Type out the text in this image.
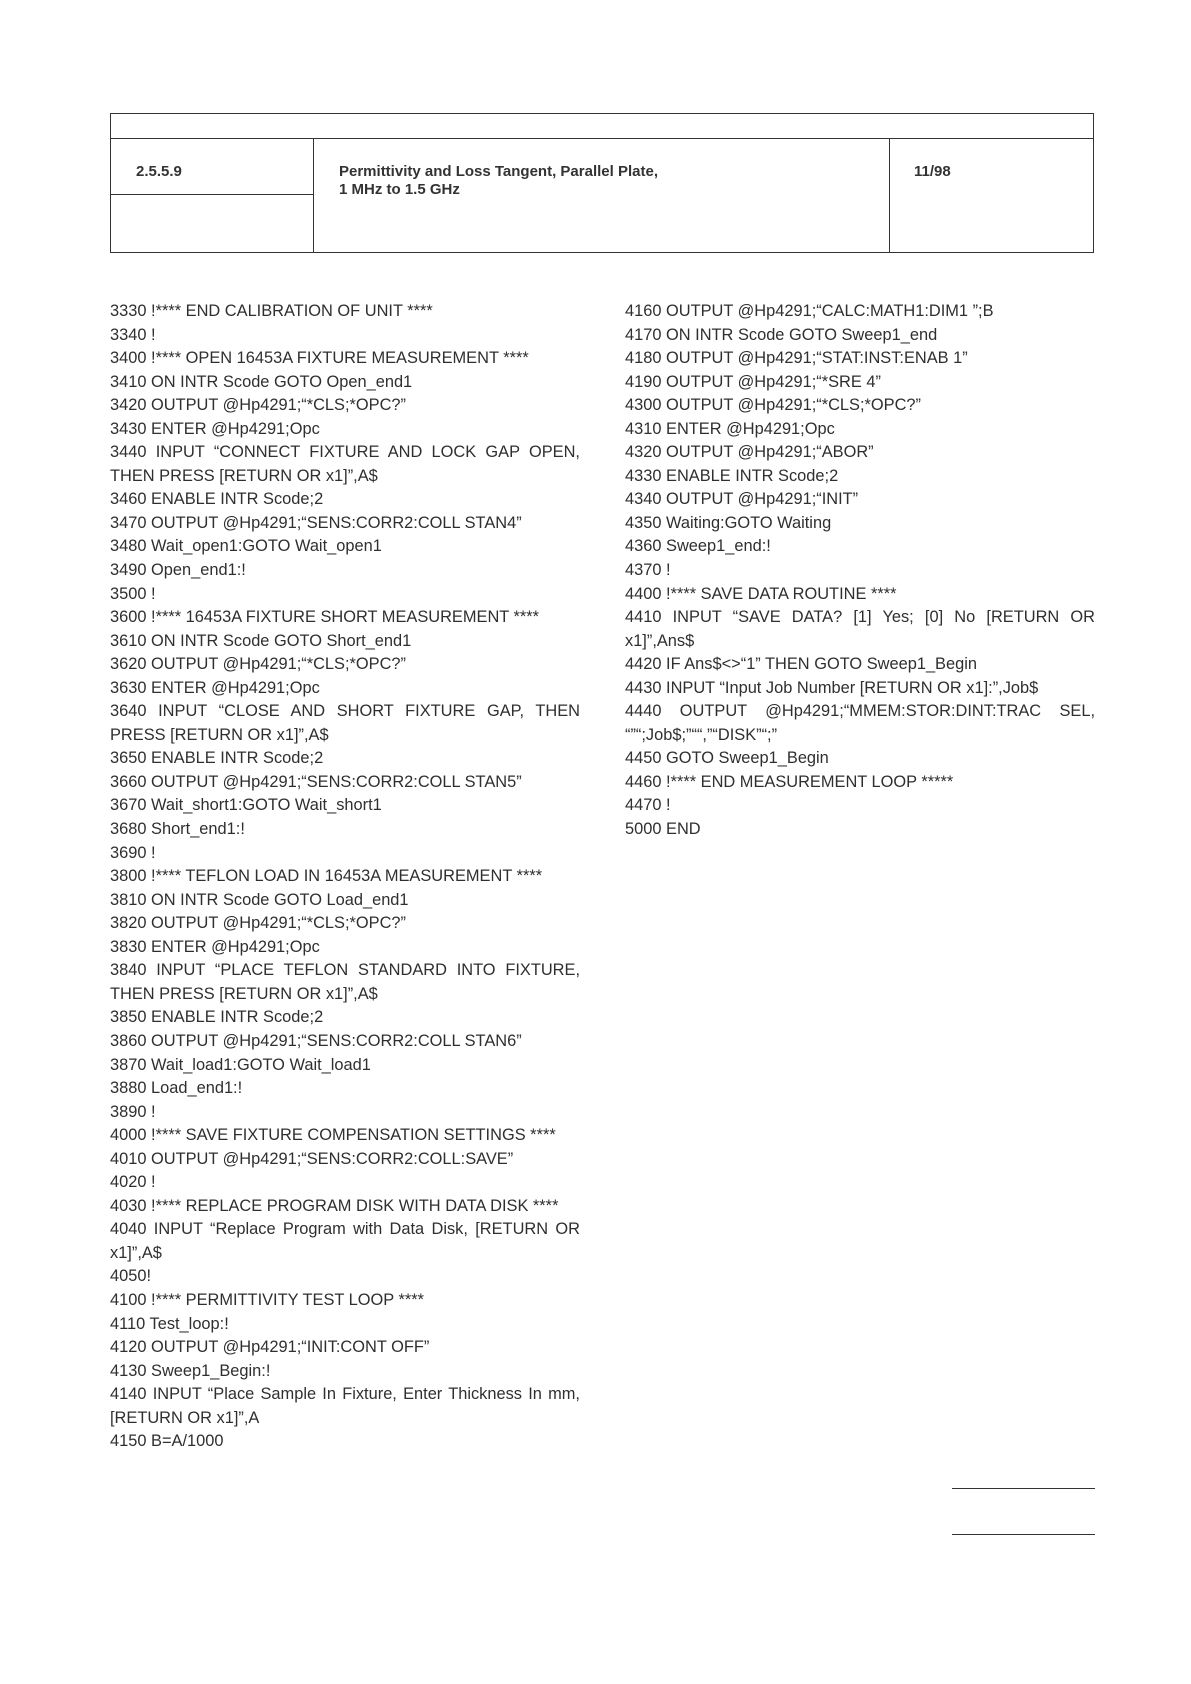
2.5.5.9	Permittivity and Loss Tangent, Parallel Plate,
1 MHz to 1.5 GHz
11/98
3330 !**** END CALIBRATION OF UNIT ****
3340 !
3400 !**** OPEN 16453A FIXTURE MEASUREMENT ****
3410 ON INTR Scode GOTO Open_end1
3420 OUTPUT @Hp4291;“*CLS;*OPC?”
3430 ENTER @Hp4291;Opc
3440 INPUT “CONNECT FIXTURE AND LOCK GAP OPEN, THEN PRESS [RETURN OR x1]”,A$
3460 ENABLE INTR Scode;2
3470 OUTPUT @Hp4291;“SENS:CORR2:COLL STAN4”
3480 Wait_open1:GOTO Wait_open1
3490 Open_end1:!
3500 !
3600 !**** 16453A FIXTURE SHORT MEASUREMENT ****
3610 ON INTR Scode GOTO Short_end1
3620 OUTPUT @Hp4291;“*CLS;*OPC?”
3630 ENTER @Hp4291;Opc
3640 INPUT “CLOSE AND SHORT FIXTURE GAP, THEN PRESS [RETURN OR x1]”,A$
3650 ENABLE INTR Scode;2
3660 OUTPUT @Hp4291;“SENS:CORR2:COLL STAN5”
3670 Wait_short1:GOTO Wait_short1
3680 Short_end1:!
3690 !
3800 !**** TEFLON LOAD IN 16453A MEASUREMENT ****
3810 ON INTR Scode GOTO Load_end1
3820 OUTPUT @Hp4291;“*CLS;*OPC?”
3830 ENTER @Hp4291;Opc
3840 INPUT “PLACE TEFLON STANDARD INTO FIXTURE, THEN PRESS [RETURN OR x1]”,A$
3850 ENABLE INTR Scode;2
3860 OUTPUT @Hp4291;“SENS:CORR2:COLL STAN6”
3870 Wait_load1:GOTO Wait_load1
3880 Load_end1:!
3890 !
4000 !**** SAVE FIXTURE COMPENSATION SETTINGS ****
4010 OUTPUT @Hp4291;“SENS:CORR2:COLL:SAVE”
4020 !
4030 !**** REPLACE PROGRAM DISK WITH DATA DISK ****
4040 INPUT “Replace Program with Data Disk, [RETURN OR x1]”,A$
4050!
4100 !**** PERMITTIVITY TEST LOOP ****
4110 Test_loop:!
4120 OUTPUT @Hp4291;“INIT:CONT OFF”
4130 Sweep1_Begin:!
4140 INPUT “Place Sample In Fixture, Enter Thickness In mm, [RETURN OR x1]”,A
4150 B=A/1000
4160 OUTPUT @Hp4291;“CALC:MATH1:DIM1 ”;B
4170 ON INTR Scode GOTO Sweep1_end
4180 OUTPUT @Hp4291;“STAT:INST:ENAB 1”
4190 OUTPUT @Hp4291;“*SRE 4”
4300 OUTPUT @Hp4291;“*CLS;*OPC?”
4310 ENTER @Hp4291;Opc
4320 OUTPUT @Hp4291;“ABOR”
4330 ENABLE INTR Scode;2
4340 OUTPUT @Hp4291;“INIT”
4350 Waiting:GOTO Waiting
4360 Sweep1_end:!
4370 !
4400 !**** SAVE DATA ROUTINE ****
4410 INPUT “SAVE DATA? [1] Yes; [0] No [RETURN OR x1]”,Ans$
4420 IF Ans$<>“1” THEN GOTO Sweep1_Begin
4430 INPUT “Input Job Number [RETURN OR x1]:”,Job$
4440 OUTPUT @Hp4291;“MMEM:STOR:DINT:TRAC SEL, “”“;Job$;”““,”“DISK”“;”
4450 GOTO Sweep1_Begin
4460 !**** END MEASUREMENT LOOP *****
4470 !
5000 END
